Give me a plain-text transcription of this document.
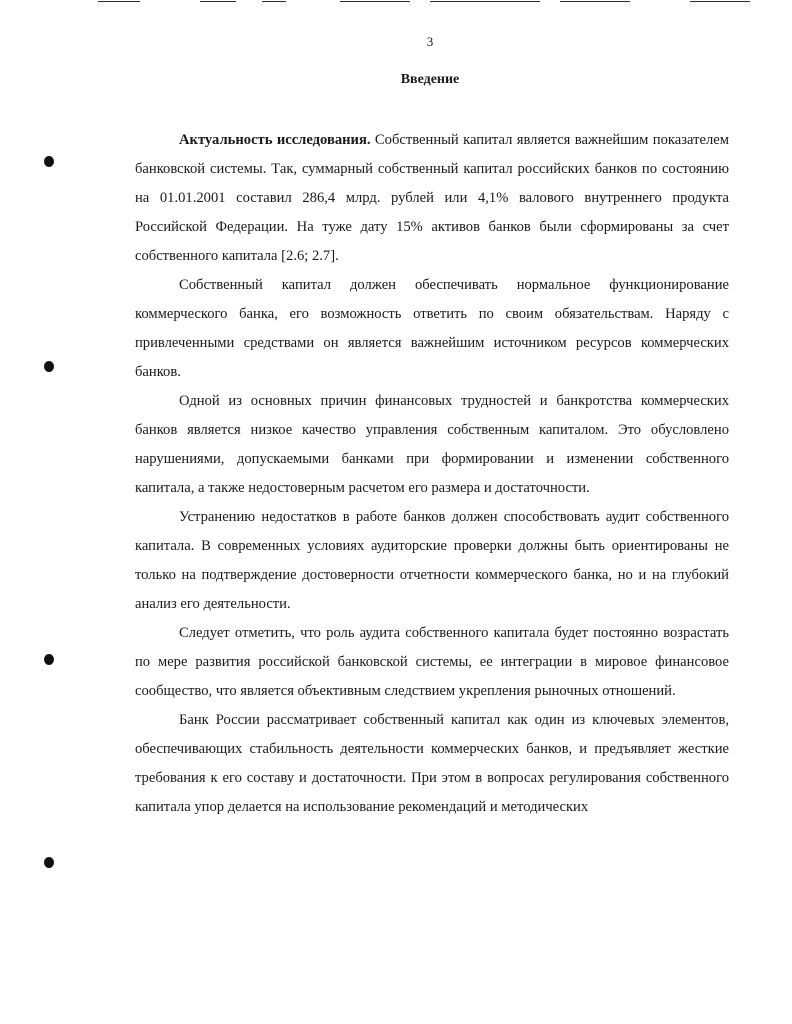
3
Введение

Актуальность исследования. Собственный капитал является важнейшим показателем банковской системы. Так, суммарный собственный капитал российских банков по состоянию на 01.01.2001 составил 286,4 млрд. рублей или 4,1% валового внутреннего продукта Российской Федерации. На туже дату 15% активов банков были сформированы за счет собственного капитала [2.6; 2.7].

Собственный капитал должен обеспечивать нормальное функционирование коммерческого банка, его возможность ответить по своим обязательствам. Наряду с привлеченными средствами он является важнейшим источником ресурсов коммерческих банков.

Одной из основных причин финансовых трудностей и банкротства коммерческих банков является низкое качество управления собственным капиталом. Это обусловлено нарушениями, допускаемыми банками при формировании и изменении собственного капитала, а также недостоверным расчетом его размера и достаточности.

Устранению недостатков в работе банков должен способствовать аудит собственного капитала. В современных условиях аудиторские проверки должны быть ориентированы не только на подтверждение достоверности отчетности коммерческого банка, но и на глубокий анализ его деятельности.

Следует отметить, что роль аудита собственного капитала будет постоянно возрастать по мере развития российской банковской системы, ее интеграции в мировое финансовое сообщество, что является объективным следствием укрепления рыночных отношений.

Банк России рассматривает собственный капитал как один из ключевых элементов, обеспечивающих стабильность деятельности коммерческих банков, и предъявляет жесткие требования к его составу и достаточности. При этом в вопросах регулирования собственного капитала упор делается на использование рекомендаций и методических
